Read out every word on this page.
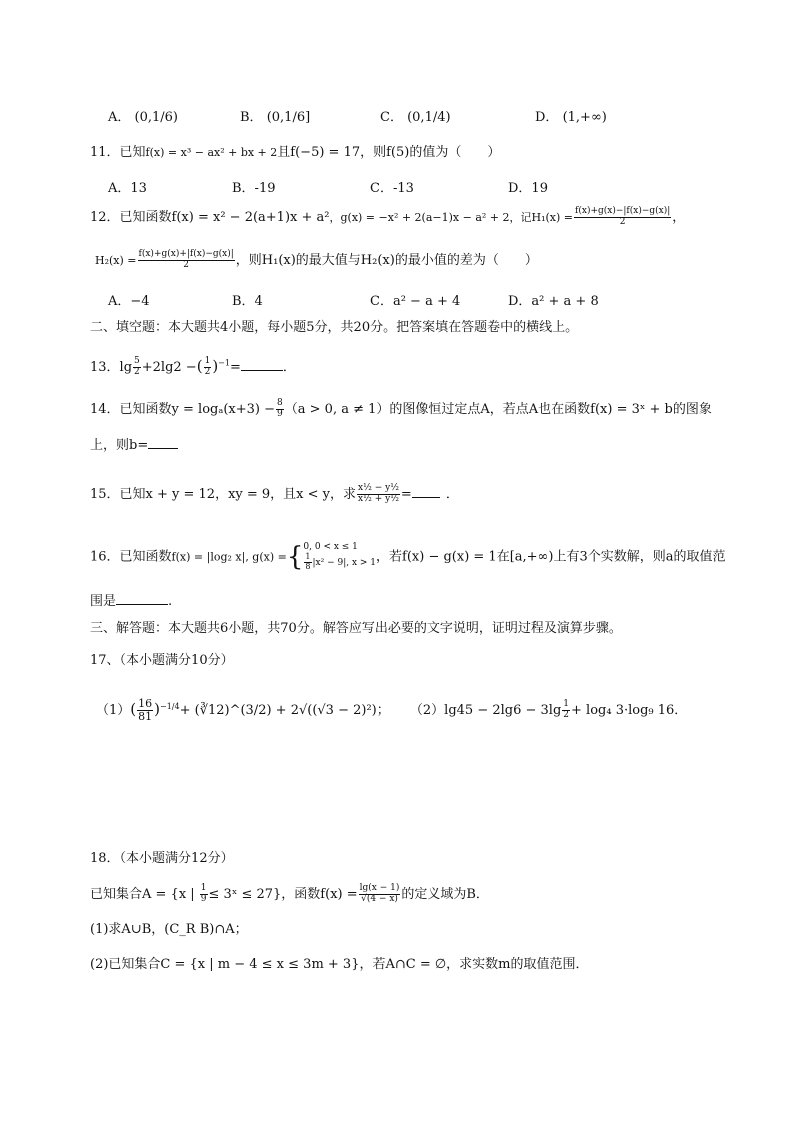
A． (0,1/6)	B． (0,1/6]	C． (0,1/4)	D． (1,+∞)
11．已知f(x) = x³ − ax² + bx + 2且f(−5) = 17，则f(5)的值为（　　）
A．13	B．-19	C．-13	D．19
12．已知函数f(x) = x² − 2(a+1)x + a²，g(x) = −x² + 2(a−1)x − a² + 2，记$H_1(x) = \frac{f(x)+g(x)-|f(x)-g(x)|}{2}$ ，
$H_2(x) = \frac{f(x)+g(x)+|f(x)-g(x)|}{2}$ ，则H₁(x)的最大值与H₂(x)的最小值的差为（　　）
A．−4	B．4	C．a² − a + 4	D．a² + a + 8
二、填空题：本大题共4小题，每小题5分，共20分。把答案填在答题卷中的横线上。
13．$\lg \frac{5}{2} +2\lg 2$ −( $\frac{1}{2} )^{-1}=$	．
14．已知函数$y = \log_a(x+3) - \frac{8}{9} (a > 0$, a ≠ 1）的图像恒过定点A，若点A也在函数f(x) = 3ˣ + b的图象
上，则b=
15．已知x + y = 12，xy = 9，且x < y，求 $\frac{\text{x½ − y½}}{\text{x½ + y½}}$ =	．
16．已知函数f(x) = |log₂ x|, g(x) ={ 0, 0 < x ≤ 1
$\frac{1}{8} |x^2 - 9|$, x > 1 ，若f(x) − g(x) = 1在[a,+∞)上有3个实数解，则a的取值范
围是	.
三、解答题：本大题共6小题，共70分。解答应写出必要的文字说明，证明过程及演算步骤。
17、（本小题满分10分）
$(1)( \frac{16}{81} )^{-1/4}+$ (∛12)^(3/2) + 2√((√3 − 2)²)； $(2)\lg 45 - 2\lg 6 - 3\lg \frac{1}{2} + \log_4$ 3·log₉ 16．
18．（本小题满分12分）
已知集合A = {x | $\frac{1}{9}$ ≤ 3ˣ ≤ 27}，函数$f(x) = \frac{\lg(x - 1)}{√(4 - x)}$ 的定义域为B．
(1)求A∪B，(C_R B)∩A；
(2)已知集合C = {x | m − 4 ≤ x ≤ 3m + 3}，若A∩C = ∅，求实数m的取值范围．
